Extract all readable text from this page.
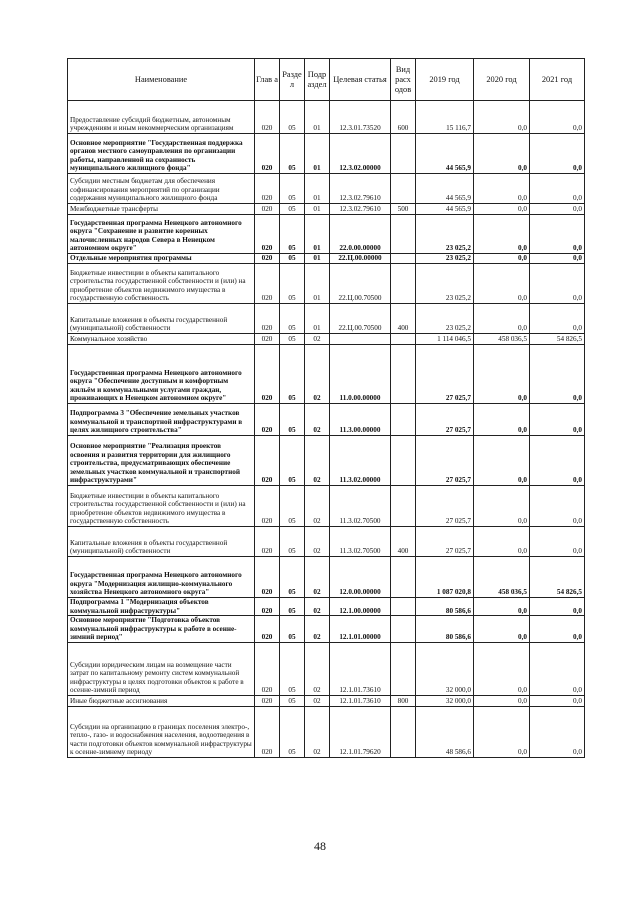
Наименование	Глав а	Разде л	Подр аздел	Целевая статья	Вид расх одов	2019 год	2020 год	2021 год
Предоставление субсидий бюджетным, автономным учреждениям и иным некоммерческим организациям	020	05	01	12.3.01.73520	600	15 116,7	0,0	0,0
Основное мероприятие "Государственная поддержка органов местного самоуправления по организации работы, направленной на сохранность муниципального жилищного фонда"	020	05	01	12.3.02.00000		44 565,9	0,0	0,0
Субсидии местным бюджетам для обеспечения софинансирования мероприятий по организации содержания муниципального жилищного фонда	020	05	01	12.3.02.79610		44 565,9	0,0	0,0
Межбюджетные трансферты	020	05	01	12.3.02.79610	500	44 565,9	0,0	0,0
Государственная программа Ненецкого автономного округа "Сохранение и развитие коренных малочисленных народов Севера в Ненецком автономном округе"	020	05	01	22.0.00.00000		23 025,2	0,0	0,0
Отдельные мероприятия программы	020	05	01	22.Ц.00.00000		23 025,2	0,0	0,0
Бюджетные инвестиции в объекты капитального строительства государственной собственности и (или) на приобретение объектов недвижимого имущества в государственную собственность	020	05	01	22.Ц.00.70500		23 025,2	0,0	0,0
Капитальные вложения в объекты государственной (муниципальной) собственности	020	05	01	22.Ц.00.70500	400	23 025,2	0,0	0,0
Коммунальное хозяйство	020	05	02			1 114 046,5	458 036,5	54 826,5
Государственная программа Ненецкого автономного округа "Обеспечение доступным и комфортным жильём и коммунальными услугами граждан, проживающих в Ненецком автономном округе"	020	05	02	11.0.00.00000		27 025,7	0,0	0,0
Подпрограмма 3 "Обеспечение земельных участков коммунальной и транспортной инфраструктурами в целях жилищного строительства"	020	05	02	11.3.00.00000		27 025,7	0,0	0,0
Основное мероприятие "Реализация проектов освоения и развития территории для жилищного строительства, предусматривающих обеспечение земельных участков коммунальной и транспортной инфраструктурами"	020	05	02	11.3.02.00000		27 025,7	0,0	0,0
Бюджетные инвестиции в объекты капитального строительства государственной собственности и (или) на приобретение объектов недвижимого имущества в государственную собственность	020	05	02	11.3.02.70500		27 025,7	0,0	0,0
Капитальные вложения в объекты государственной (муниципальной) собственности	020	05	02	11.3.02.70500	400	27 025,7	0,0	0,0
Государственная программа Ненецкого автономного округа "Модернизация жилищно-коммунального хозяйства Ненецкого автономного округа"	020	05	02	12.0.00.00000		1 087 020,8	458 036,5	54 826,5
Подпрограмма 1 "Модернизация объектов коммунальной инфраструктуры"	020	05	02	12.1.00.00000		80 586,6	0,0	0,0
Основное мероприятие "Подготовка объектов коммунальной инфраструктуры к работе в осенне-зимний период"	020	05	02	12.1.01.00000		80 586,6	0,0	0,0
Субсидии юридическим лицам на возмещение части затрат по капитальному ремонту систем коммунальной инфраструктуры в целях подготовки объектов к работе в осенне-зимний период	020	05	02	12.1.01.73610		32 000,0	0,0	0,0
Иные бюджетные ассигнования	020	05	02	12.1.01.73610	800	32 000,0	0,0	0,0
Субсидии на организацию в границах поселения электро-, тепло-, газо- и водоснабжения населения, водоотведения в части подготовки объектов коммунальной инфраструктуры к осенне-зимнему периоду	020	05	02	12.1.01.79620		48 586,6	0,0	0,0
48
